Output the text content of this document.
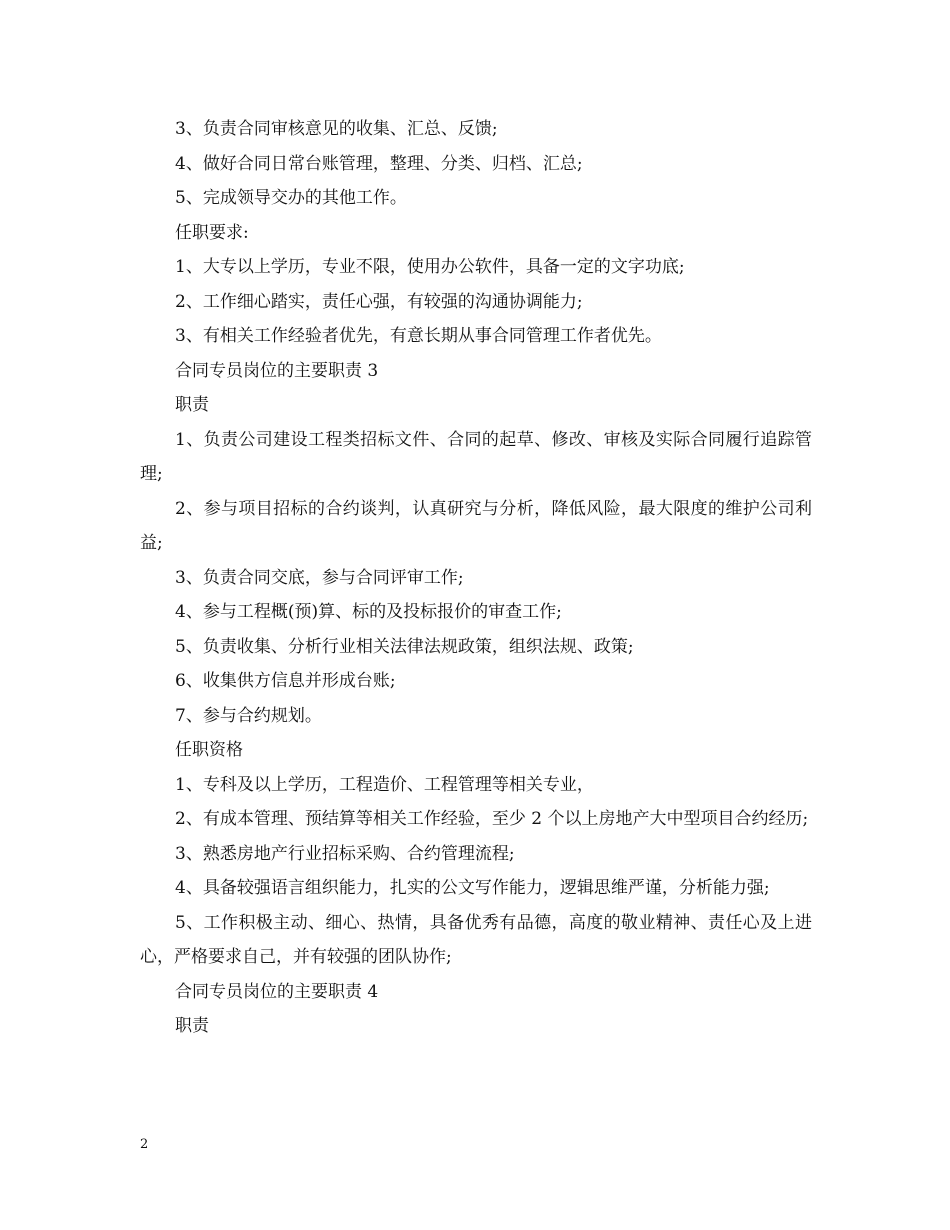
3、负责合同审核意见的收集、汇总、反馈;

4、做好合同日常台账管理，整理、分类、归档、汇总;

5、完成领导交办的其他工作。

任职要求:

1、大专以上学历，专业不限，使用办公软件，具备一定的文字功底;

2、工作细心踏实，责任心强，有较强的沟通协调能力;

3、有相关工作经验者优先，有意长期从事合同管理工作者优先。

合同专员岗位的主要职责 3

职责

1、负责公司建设工程类招标文件、合同的起草、修改、审核及实际合同履行追踪管理;

2、参与项目招标的合约谈判，认真研究与分析，降低风险，最大限度的维护公司利益;

3、负责合同交底，参与合同评审工作;

4、参与工程概(预)算、标的及投标报价的审查工作;

5、负责收集、分析行业相关法律法规政策，组织法规、政策;

6、收集供方信息并形成台账;

7、参与合约规划。

任职资格

1、专科及以上学历，工程造价、工程管理等相关专业，

2、有成本管理、预结算等相关工作经验，至少 2 个以上房地产大中型项目合约经历;

3、熟悉房地产行业招标采购、合约管理流程;

4、具备较强语言组织能力，扎实的公文写作能力，逻辑思维严谨，分析能力强;

5、工作积极主动、细心、热情，具备优秀有品德，高度的敬业精神、责任心及上进心，严格要求自己，并有较强的团队协作;

合同专员岗位的主要职责 4

职责

2
